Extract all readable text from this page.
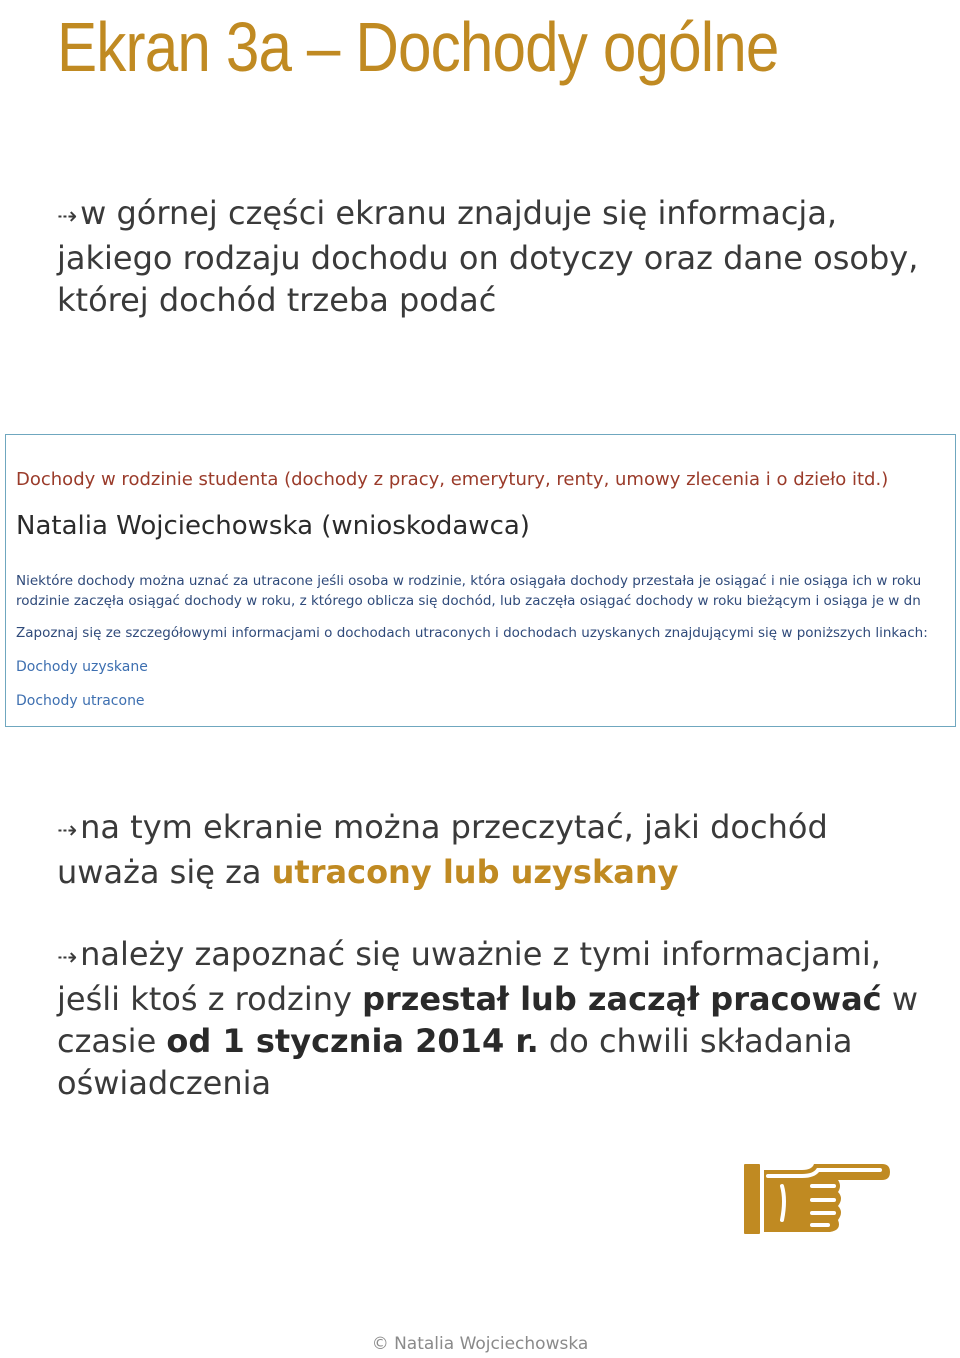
Ekran 3a – Dochody ogólne

⇢ w górnej części ekranu znajduje się informacja, jakiego rodzaju dochodu on dotyczy oraz dane osoby, której dochód trzeba podać

Dochody w rodzinie studenta (dochody z pracy, emerytury, renty, umowy zlecenia i o dzieło itd.)
Natalia Wojciechowska (wnioskodawca)
Niektóre dochody można uznać za utracone jeśli osoba w rodzinie, która osiągała dochody przestała je osiągać i nie osiąga ich w roku
rodzinie zaczęła osiągać dochody w roku, z którego oblicza się dochód, lub zaczęła osiągać dochody w roku bieżącym i osiąga je w dn
Zapoznaj się ze szczegółowymi informacjami o dochodach utraconych i dochodach uzyskanych znajdującymi się w poniższych linkach:
Dochody uzyskane
Dochody utracone

⇢ na tym ekranie można przeczytać, jaki dochód uważa się za utracony lub uzyskany

⇢ należy zapoznać się uważnie z tymi informacjami, jeśli ktoś z rodziny przestał lub zaczął pracować w czasie od 1 stycznia 2014 r. do chwili składania oświadczenia

© Natalia Wojciechowska
